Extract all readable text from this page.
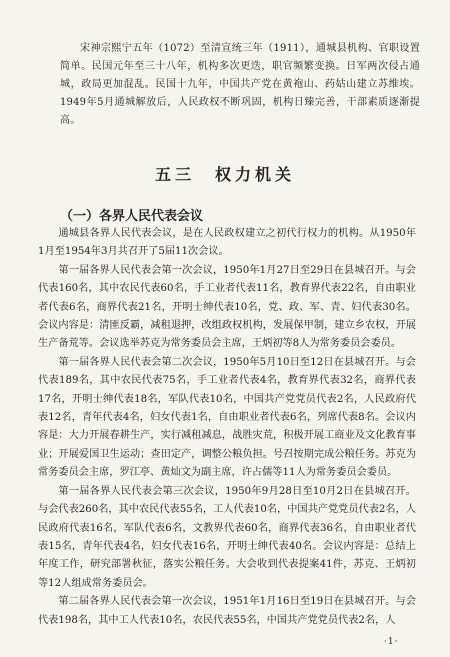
宋神宗熙宁五年（1072）至清宣统三年（1911），通城县机构、官职设置简单。民国元年至三十八年，机构多次更迭，职官频繁变换。日军两次侵占通城，政局更加混乱。民国十九年，中国共产党在黄袍山、药姑山建立苏维埃。1949年5月通城解放后，人民政权不断巩固，机构日臻完善，干部素质逐渐提高。

五三　权力机关
（一）各界人民代表会议

通城县各界人民代表会议，是在人民政权建立之初代行权力的机构。从1950年1月至1954年3月共召开了5届11次会议。

第一届各界人民代表会第一次会议，1950年1月27日至29日在县城召开。与会代表160名，其中农民代表60名，手工业者代表11名，教育界代表22名，自由职业者代表6名，商界代表21名，开明士绅代表10名，党、政、军、青、妇代表30名。会议内容是：清匪反霸，减租退押，改组政权机构，发展保甲制，建立乡农权，开展生产备荒等。会议选举苏克为常务委员会主席，王炳初等8人为常务委员会委员。

第一届各界人民代表会第二次会议，1950年5月10日至12日在县城召开。与会代表189名，其中农民代表75名，手工业者代表4名，教育界代表32名，商界代表17名，开明士绅代表18名，军队代表10名，中国共产党党员代表2名，人民政府代表12名，青年代表4名，妇女代表1名，自由职业者代表6名，列席代表8名。会议内容是：大力开展春耕生产，实行减租减息，战胜灾荒，积极开展工商业及文化教育事业；开展爱国卫生运动；查田定产，调整公粮负担。号召按期完成公粮任务。苏克为常务委员会主席，罗江亭、黄灿文为副主席，许占儒等11人为常务委员会委员。

第一届各界人民代表会第三次会议，1950年9月28日至10月2日在县城召开。与会代表260名，其中农民代表55名，工人代表10名，中国共产党党员代表2名，人民政府代表16名，军队代表6名，文教界代表60名，商界代表36名，自由职业者代表15名，青年代表4名，妇女代表16名，开明士绅代表40名。会议内容是：总结上年度工作，研究部署秋征，落实公粮任务。大会收到代表提案41件，苏克、王炳初等12人组成常务委员会。

第二届各界人民代表会第一次会议，1951年1月16日至19日在县城召开。与会代表198名，其中工人代表10名，农民代表55名，中国共产党党员代表2名，人

·1·
